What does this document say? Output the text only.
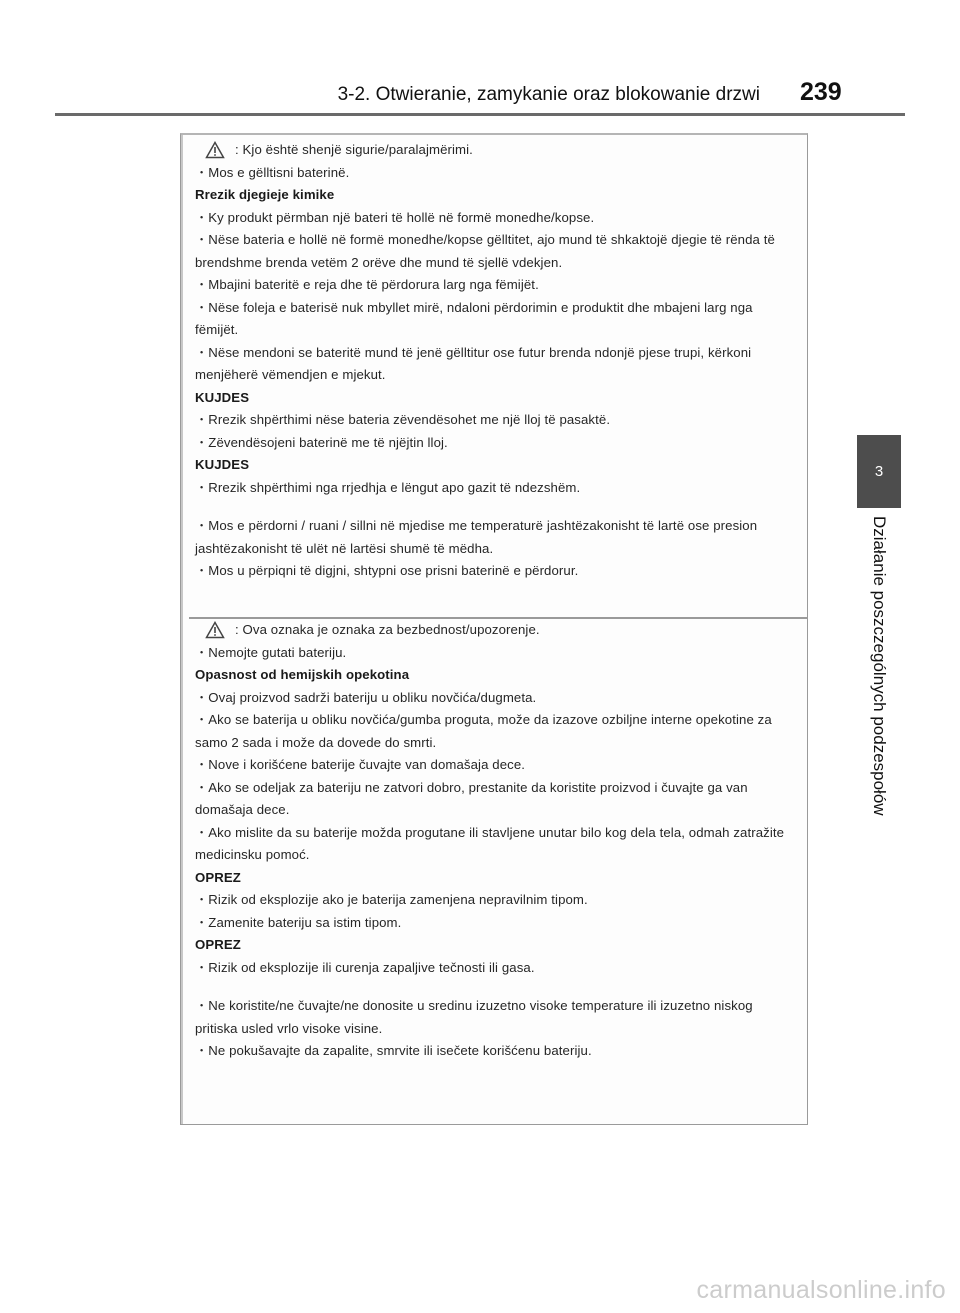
3-2. Otwieranie, zamykanie oraz blokowanie drzwi 239
3
Działanie poszczególnych podzespołów

: Kjo është shenjë sigurie/paralajmërimi.

・Mos e gëlltisni baterinë.

Rrezik djegieje kimike

・Ky produkt përmban një bateri të hollë në formë monedhe/kopse.

・Nëse bateria e hollë në formë monedhe/kopse gëlltitet, ajo mund të shkaktojë djegie të rënda të brendshme brenda vetëm 2 orëve dhe mund të sjellë vdekjen.

・Mbajini bateritë e reja dhe të përdorura larg nga fëmijët.

・Nëse foleja e baterisë nuk mbyllet mirë, ndaloni përdorimin e produktit dhe mbajeni larg nga fëmijët.

・Nëse mendoni se bateritë mund të jenë gëlltitur ose futur brenda ndonjë pjese trupi, kërkoni menjëherë vëmendjen e mjekut.

KUJDES

・Rrezik shpërthimi nëse bateria zëvendësohet me një lloj të pasaktë.

・Zëvendësojeni baterinë me të njëjtin lloj.

KUJDES

・Rrezik shpërthimi nga rrjedhja e lëngut apo gazit të ndezshëm.

・Mos e përdorni / ruani / sillni në mjedise me temperaturë jashtëzakonisht të lartë ose presion jashtëzakonisht të ulët në lartësi shumë të mëdha.

・Mos u përpiqni të digjni, shtypni ose prisni baterinë e përdorur.

: Ova oznaka je oznaka za bezbednost/upozorenje.

・Nemojte gutati bateriju.

Opasnost od hemijskih opekotina

・Ovaj proizvod sadrži bateriju u obliku novčića/dugmeta.

・Ako se baterija u obliku novčića/gumba proguta, može da izazove ozbiljne interne opekotine za samo 2 sada i može da dovede do smrti.

・Nove i korišćene baterije čuvajte van domašaja dece.

・Ako se odeljak za bateriju ne zatvori dobro, prestanite da koristite proizvod i čuvajte ga van domašaja dece.

・Ako mislite da su baterije možda progutane ili stavljene unutar bilo kog dela tela, odmah zatražite medicinsku pomoć.

OPREZ

・Rizik od eksplozije ako je baterija zamenjena nepravilnim tipom.

・Zamenite bateriju sa istim tipom.

OPREZ

・Rizik od eksplozije ili curenja zapaljive tečnosti ili gasa.

・Ne koristite/ne čuvajte/ne donosite u sredinu izuzetno visoke temperature ili izuzetno niskog pritiska usled vrlo visoke visine.

・Ne pokušavajte da zapalite, smrvite ili isečete korišćenu bateriju.

carmanualsonline.info
